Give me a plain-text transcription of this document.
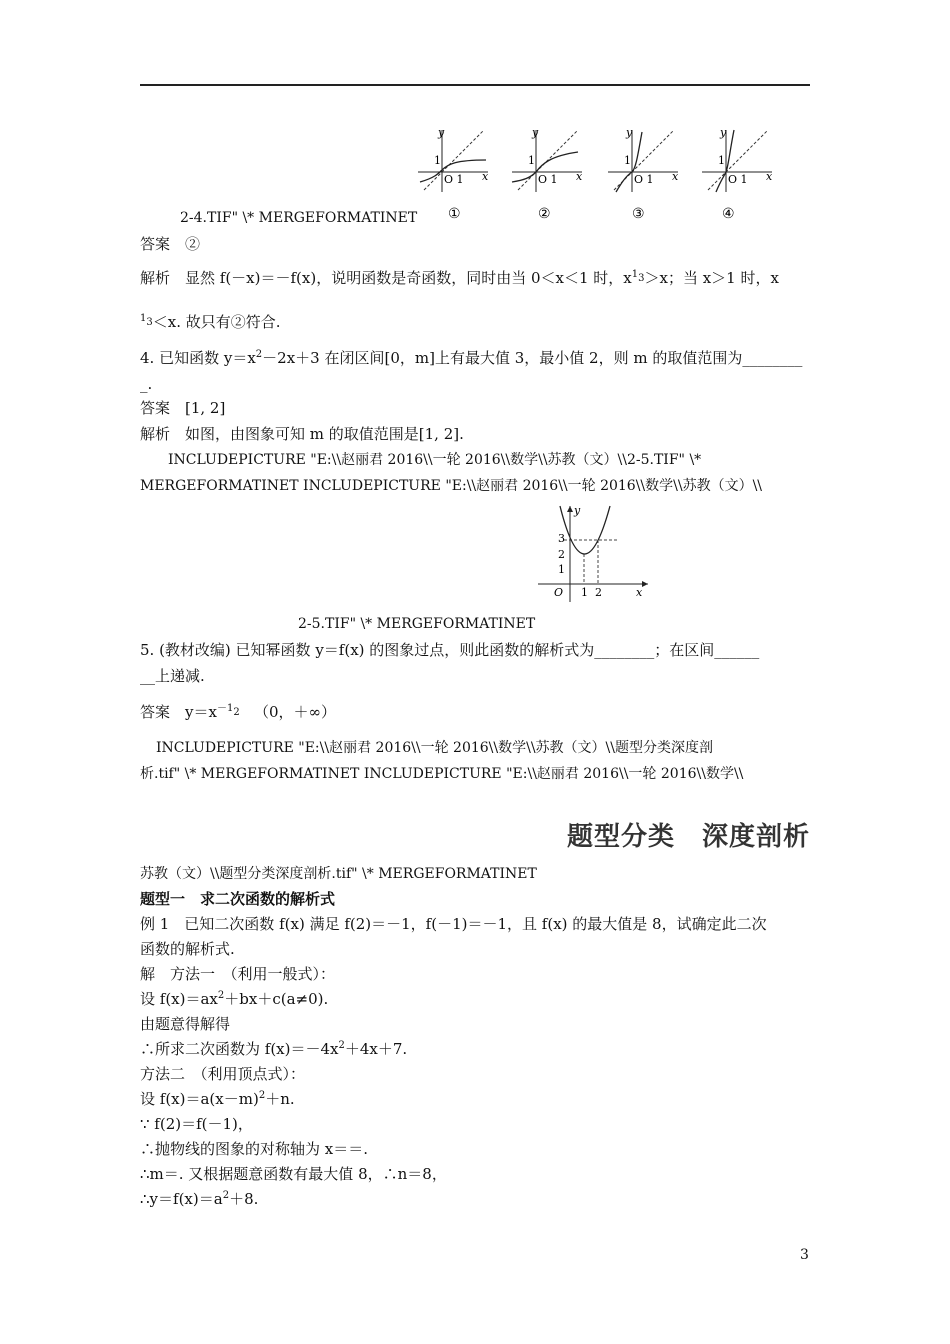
y
x
1
O 1
y
x
1
O 1
y
x
1
O 1
y
x
1
O 1
①	②	③	④
2-4.TIF" \* MERGEFORMATINET
答案　②
解析　显然 f(－x)＝－f(x)，说明函数是奇函数，同时由当 0＜x＜1 时，$x^{13}>x$；当 x＞1 时，x
$^{13}$＜x. 故只有②符合.
4. 已知函数 $y=x^2-2x+3$ 在闭区间[0，m]上有最大值 3，最小值 2，则 m 的取值范围为________
_.
答案　[1, 2]
解析　如图，由图象可知 m 的取值范围是[1, 2].
INCLUDEPICTURE "E:\\赵丽君 2016\\一轮 2016\\数学\\苏教（文）\\2-5.TIF" \*
MERGEFORMATINET INCLUDEPICTURE "E:\\赵丽君 2016\\一轮 2016\\数学\\苏教（文）\\
y
x
O
3
2
1
1 2
2-5.TIF" \* MERGEFORMATINET
5. (教材改编) 已知幂函数 y＝f(x) 的图象过点，则此函数的解析式为________；在区间______
__上递减.
答案　$y=x^{-12}$ （0，＋∞）
INCLUDEPICTURE "E:\\赵丽君 2016\\一轮 2016\\数学\\苏教（文）\\题型分类深度剖
析.tif" \* MERGEFORMATINET INCLUDEPICTURE "E:\\赵丽君 2016\\一轮 2016\\数学\\
题型分类　深度剖析
苏教（文）\\题型分类深度剖析.tif" \* MERGEFORMATINET
题型一　求二次函数的解析式
例 1　已知二次函数 f(x) 满足 f(2)＝－1，f(－1)＝－1，且 f(x) 的最大值是 8，试确定此二次
函数的解析式.
解　方法一　（利用一般式）：
设 $f(x)=ax^2+bx+c(a\ne 0)$.
由题意得解得
∴所求二次函数为 $f(x)=-4x^2+4x+7$.
方法二　（利用顶点式）：
设 $f(x)=a(x-m)^2+n$.
∵ f(2)＝f(－1)，
∴抛物线的图象的对称轴为 x＝＝.
∴m＝. 又根据题意函数有最大值 8，∴n＝8，
$\therefore y=f(x)=a^2+8$.
3
